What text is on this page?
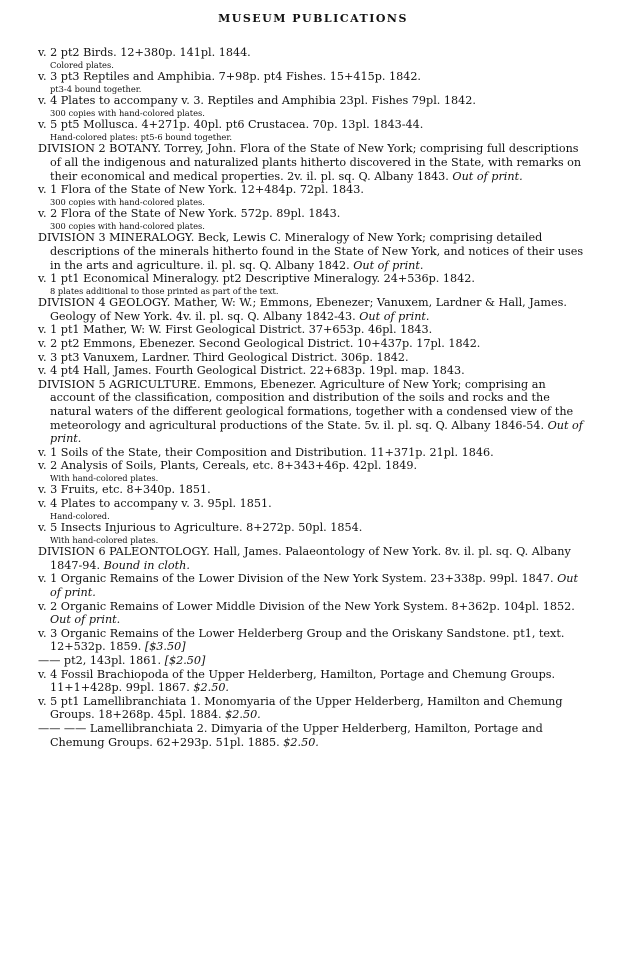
MUSEUM PUBLICATIONS
v. 2 pt2 Birds. 12+380p. 141pl. 1844.
Colored plates.
v. 3 pt3 Reptiles and Amphibia. 7+98p. pt4 Fishes. 15+415p. 1842.
pt3-4 bound together.
v. 4 Plates to accompany v. 3. Reptiles and Amphibia 23pl. Fishes 79pl. 1842.
300 copies with hand-colored plates.
v. 5 pt5 Mollusca. 4+271p. 40pl. pt6 Crustacea. 70p. 13pl. 1843-44.
Hand-colored plates: pt5-6 bound together.
DIVISION 2 BOTANY. Torrey, John. Flora of the State of New York; comprising full descriptions of all the indigenous and naturalized plants hitherto discovered in the State, with remarks on their economical and medical properties. 2v. il. pl. sq. Q. Albany 1843. Out of print.
v. 1 Flora of the State of New York. 12+484p. 72pl. 1843.
300 copies with hand-colored plates.
v. 2 Flora of the State of New York. 572p. 89pl. 1843.
300 copies with hand-colored plates.
DIVISION 3 MINERALOGY. Beck, Lewis C. Mineralogy of New York; comprising detailed descriptions of the minerals hitherto found in the State of New York, and notices of their uses in the arts and agriculture. il. pl. sq. Q. Albany 1842. Out of print.
v. 1 pt1 Economical Mineralogy. pt2 Descriptive Mineralogy. 24+536p. 1842.
8 plates additional to those printed as part of the text.
DIVISION 4 GEOLOGY. Mather, W: W.; Emmons, Ebenezer; Vanuxem, Lardner & Hall, James. Geology of New York. 4v. il. pl. sq. Q. Albany 1842-43. Out of print.
v. 1 pt1 Mather, W: W. First Geological District. 37+653p. 46pl. 1843.
v. 2 pt2 Emmons, Ebenezer. Second Geological District. 10+437p. 17pl. 1842.
v. 3 pt3 Vanuxem, Lardner. Third Geological District. 306p. 1842.
v. 4 pt4 Hall, James. Fourth Geological District. 22+683p. 19pl. map. 1843.
DIVISION 5 AGRICULTURE. Emmons, Ebenezer. Agriculture of New York; comprising an account of the classification, composition and distribution of the soils and rocks and the natural waters of the different geological formations, together with a condensed view of the meteorology and agricultural productions of the State. 5v. il. pl. sq. Q. Albany 1846-54. Out of print.
v. 1 Soils of the State, their Composition and Distribution. 11+371p. 21pl. 1846.
v. 2 Analysis of Soils, Plants, Cereals, etc. 8+343+46p. 42pl. 1849.
With hand-colored plates.
v. 3 Fruits, etc. 8+340p. 1851.
v. 4 Plates to accompany v. 3. 95pl. 1851.
Hand-colored.
v. 5 Insects Injurious to Agriculture. 8+272p. 50pl. 1854.
With hand-colored plates.
DIVISION 6 PALEONTOLOGY. Hall, James. Palaeontology of New York. 8v. il. pl. sq. Q. Albany 1847-94. Bound in cloth.
v. 1 Organic Remains of the Lower Division of the New York System. 23+338p. 99pl. 1847. Out of print.
v. 2 Organic Remains of Lower Middle Division of the New York System. 8+362p. 104pl. 1852. Out of print.
v. 3 Organic Remains of the Lower Helderberg Group and the Oriskany Sandstone. pt1, text. 12+532p. 1859. [$3.50]
—— pt2, 143pl. 1861. [$2.50]
v. 4 Fossil Brachiopoda of the Upper Helderberg, Hamilton, Portage and Chemung Groups. 11+1+428p. 99pl. 1867. $2.50.
v. 5 pt1 Lamellibranchiata 1. Monomyaria of the Upper Helderberg, Hamilton and Chemung Groups. 18+268p. 45pl. 1884. $2.50.
—— —— Lamellibranchiata 2. Dimyaria of the Upper Helderberg, Hamilton, Portage and Chemung Groups. 62+293p. 51pl. 1885. $2.50.
